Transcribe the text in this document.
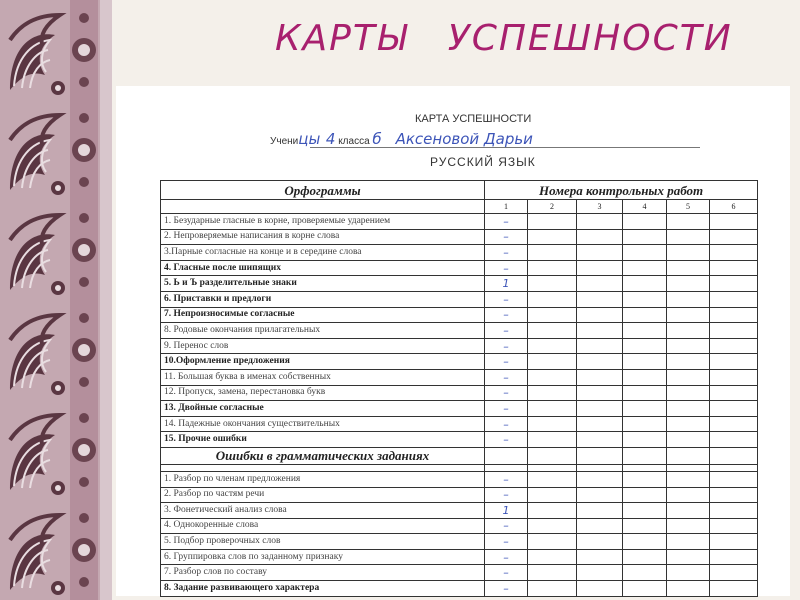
КАРТЫ УСПЕШНОСТИ
КАРТА УСПЕШНОСТИ
Ученицы 4 класса б Аксеновой Дарьи
РУССКИЙ ЯЗЫК
Орфограммы	Номера контрольных работ					
	1	2	3	4	5	6
1. Безударные гласные в корне, проверяемые ударением	–					
2. Непроверяемые написания в корне слова	–					
3.Парные согласные на конце и в середине слова	–					
4. Гласные после шипящих	–					
5. Ь и Ъ разделительные знаки	1					
6. Приставки и предлоги	–					
7. Непроизносимые согласные	–					
8. Родовые окончания прилагательных	–					
9. Перенос слов	–					
10.Оформление предложения	–					
11. Большая буква в именах собственных	–					
12. Пропуск, замена, перестановка букв	–					
13. Двойные согласные	–					
14. Падежные окончания существительных	–					
15. Прочие ошибки	–					
Ошибки в грамматических заданиях						

1. Разбор по членам предложения	–					
2. Разбор по частям речи	–					
3. Фонетический анализ слова	1					
4. Однокоренные слова	–					
5. Подбор проверочных слов	–					
6. Группировка слов по заданному признаку	–					
7. Разбор слов по составу	–					
8. Задание развивающего характера	–					
